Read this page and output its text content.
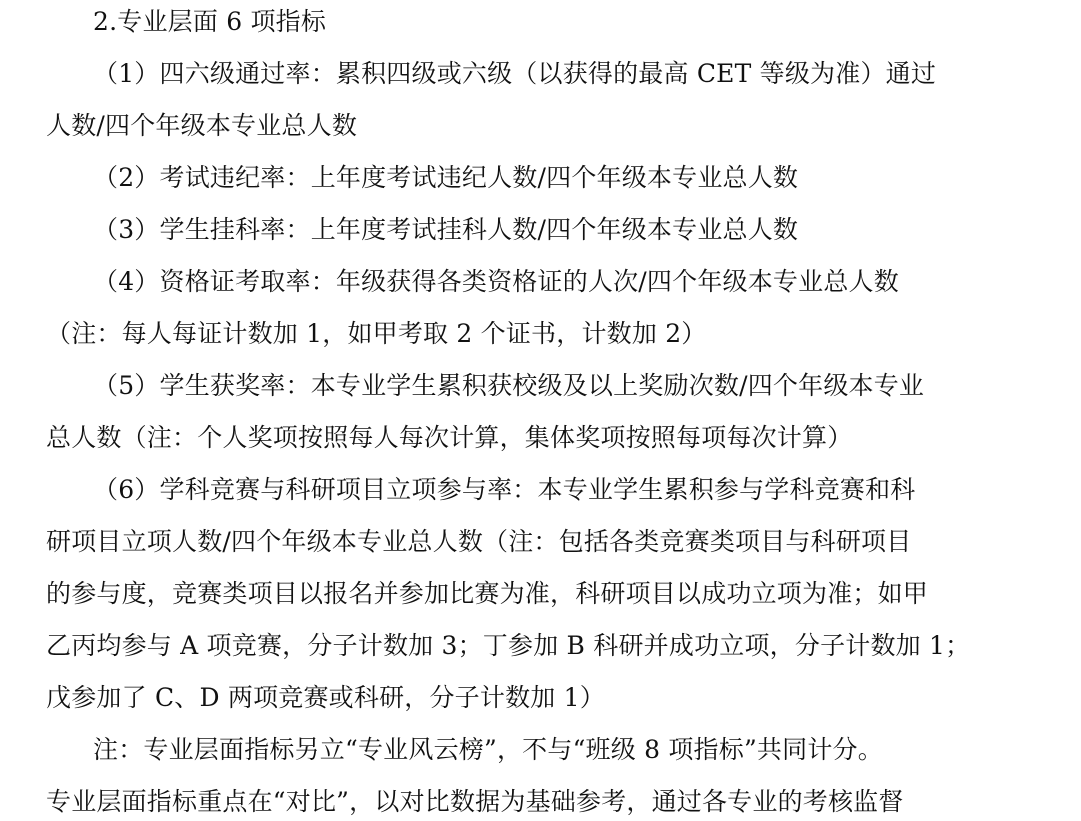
2.专业层面 6 项指标
（1）四六级通过率：累积四级或六级（以获得的最高 CET 等级为准）通过
人数/四个年级本专业总人数
（2）考试违纪率：上年度考试违纪人数/四个年级本专业总人数
（3）学生挂科率：上年度考试挂科人数/四个年级本专业总人数
（4）资格证考取率：年级获得各类资格证的人次/四个年级本专业总人数
（注：每人每证计数加 1，如甲考取 2 个证书，计数加 2）
（5）学生获奖率：本专业学生累积获校级及以上奖励次数/四个年级本专业
总人数（注：个人奖项按照每人每次计算，集体奖项按照每项每次计算）
（6）学科竞赛与科研项目立项参与率：本专业学生累积参与学科竞赛和科
研项目立项人数/四个年级本专业总人数（注：包括各类竞赛类项目与科研项目
的参与度，竞赛类项目以报名并参加比赛为准，科研项目以成功立项为准；如甲
乙丙均参与 A 项竞赛，分子计数加 3；丁参加 B 科研并成功立项，分子计数加 1；
戊参加了 C、D 两项竞赛或科研，分子计数加 1）
注：专业层面指标另立“专业风云榜”，不与“班级 8 项指标”共同计分。
专业层面指标重点在“对比”，以对比数据为基础参考，通过各专业的考核监督
